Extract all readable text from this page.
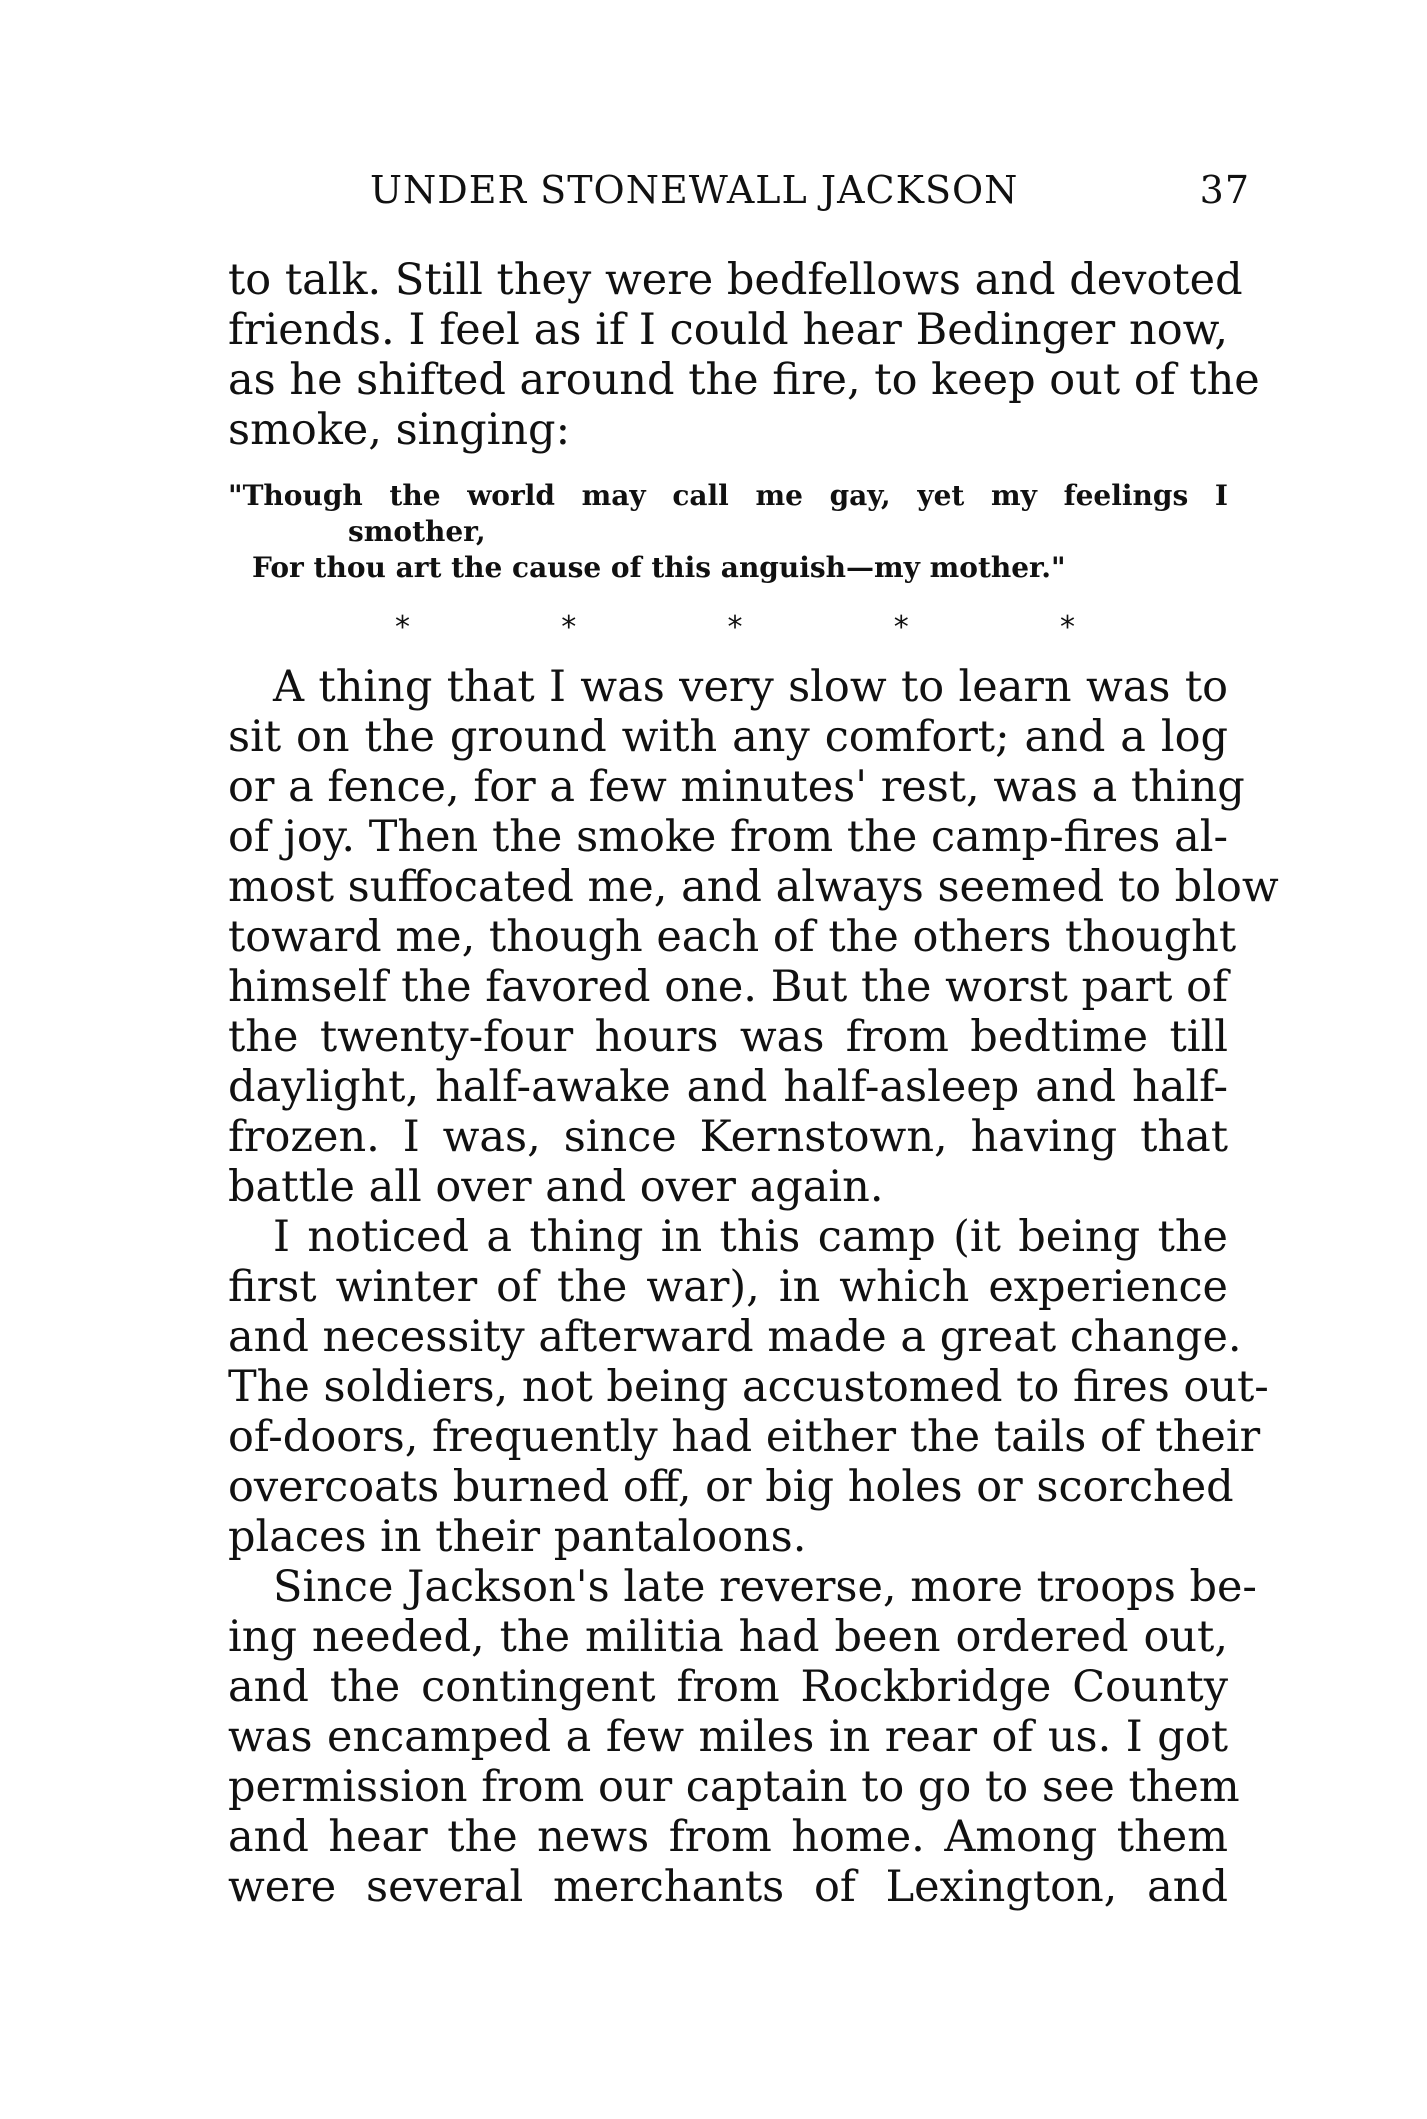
UNDER STONEWALL JACKSON	37
to talk. Still they were bedfellows and devoted
friends. I feel as if I could hear Bedinger now,
as he shifted around the fire, to keep out of the
smoke, singing:
"Though the world may call me gay, yet my feelings I
smother,
For thou art the cause of this anguish—my mother."
*	*	*	*	*
A thing that I was very slow to learn was to
sit on the ground with any comfort; and a log
or a fence, for a few minutes' rest, was a thing
of joy. Then the smoke from the camp-fires al-
most suffocated me, and always seemed to blow
toward me, though each of the others thought
himself the favored one. But the worst part of
the twenty-four hours was from bedtime till
daylight, half-awake and half-asleep and half-
frozen. I was, since Kernstown, having that
battle all over and over again.
I noticed a thing in this camp (it being the
first winter of the war), in which experience
and necessity afterward made a great change.
The soldiers, not being accustomed to fires out-
of-doors, frequently had either the tails of their
overcoats burned off, or big holes or scorched
places in their pantaloons.
Since Jackson's late reverse, more troops be-
ing needed, the militia had been ordered out,
and the contingent from Rockbridge County
was encamped a few miles in rear of us. I got
permission from our captain to go to see them
and hear the news from home. Among them
were several merchants of Lexington, and
